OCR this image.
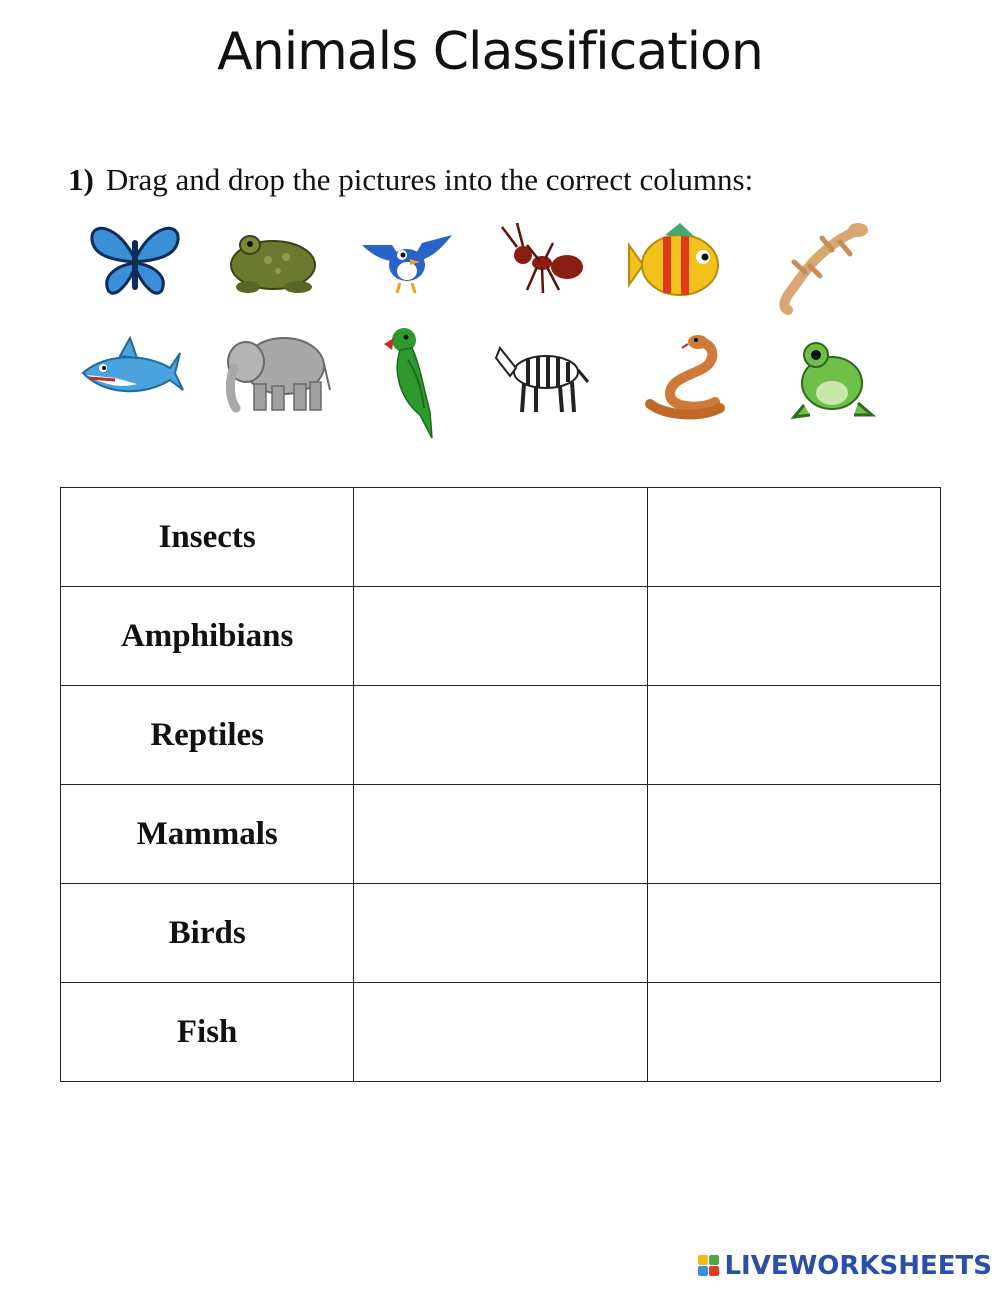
Animals Classification
1) Drag and drop the pictures into the correct columns:
Insects		
Amphibians		
Reptiles		
Mammals		
Birds		
Fish		
LIVEWORKSHEETS
